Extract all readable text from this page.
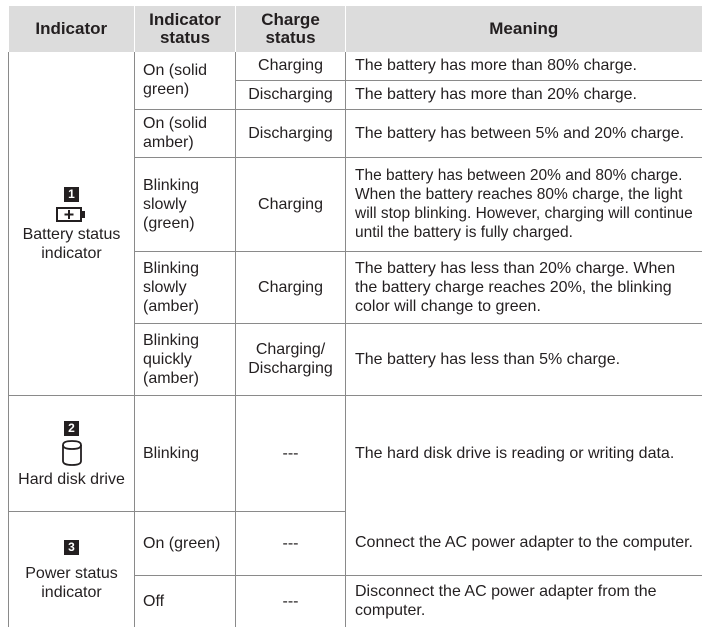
Indicator	Indicator status	Charge status	Meaning

1
Battery status indicator	On (solid green)	Charging	The battery has more than 80% charge.
		Discharging	The battery has more than 20% charge.
	On (solid amber)	Discharging	The battery has between 5% and 20% charge.
	Blinking slowly (green)	Charging	The battery has between 20% and 80% charge. When the battery reaches 80% charge, the light will stop blinking. However, charging will continue until the battery is fully charged.
	Blinking slowly (amber)	Charging	The battery has less than 20% charge. When the battery charge reaches 20%, the blinking color will change to green.
	Blinking quickly (amber)	Charging/ Discharging	The battery has less than 5% charge.

2
Hard disk drive	Blinking	---	The hard disk drive is reading or writing data.

3
Power status indicator	On (green)	---	Connect the AC power adapter to the computer.
	Off	---	Disconnect the AC power adapter from the computer.
